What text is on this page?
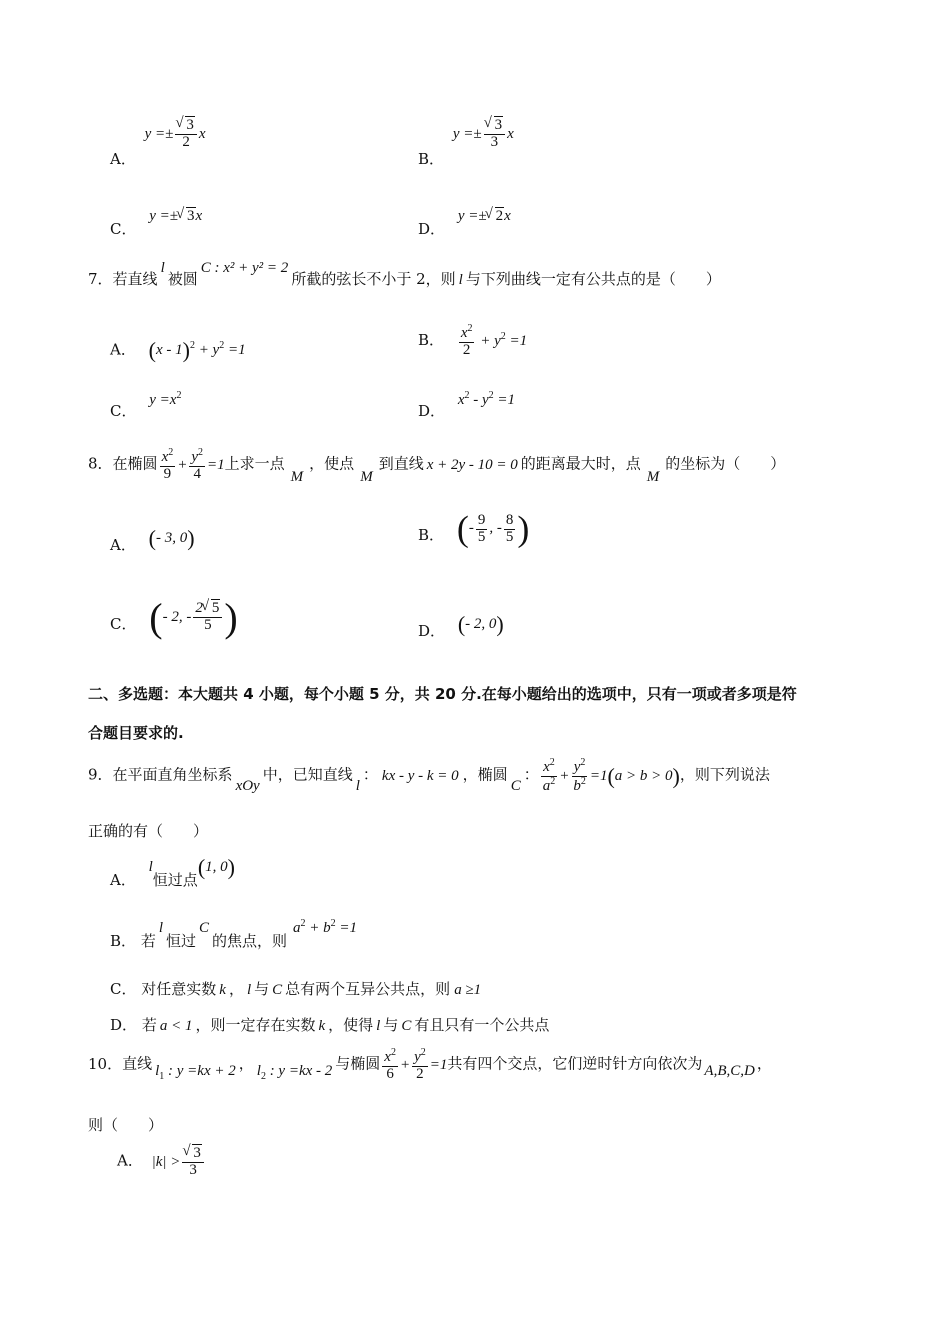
A． y =± √ $\frac{3}{2}$ x
B． y =± √ $\frac{3}{3}$ x
C． y =± √ 3x
D． y =± √ 2x
7．若直线l被圆C : x² + y² = 2所截的弦长不小于 2，则 l 与下列曲线一定有公共点的是（　　）
A． $(x - 1)^2 + y^2 =1$
B． $\frac{x^2}{2} + y^2 =1$
C． $y =x^2$
D． $x^2 - y^2 =1$
8．在椭圆 $\frac{x^2}{9} + \frac{y^2}{4} =1$上求一点M，使点M到直线 x + 2y - 10 = 0 的距离最大时，点M的坐标为（　　）
A． (- 3, 0)	B． (- $\frac{9}{5}$ , - $\frac{8}{5}$ )
C． (- 2, - $\frac{2 √ 5}{5}$ )	D． (- 2, 0)
二、多选题：本大题共 4 小题，每个小题 5 分，共 20 分.在每小题给出的选项中，只有一项或者多项是符
合题目要求的.
9．在平面直角坐标系xOy中，已知直线l： kx - y - k = 0 ，椭圆C： $\frac{x^2}{a^2} + \frac{y^2}{b^2} =1(a > b > 0)$，则下列说法
正确的有（　　）
A． l恒过点(1, 0)
B． 若l恒过C的焦点，则$a^2 + b^2 =1$
C． 对任意实数 k ， l 与 C 总有两个互异公共点，则 a ≥1
D． 若 a < 1 ，则一定存在实数 k ，使得 l 与 C 有且只有一个公共点
10．直线 $l_1$ : y =kx + 2 ， $l_2$ : y =kx - 2 与椭圆 $\frac{x^2}{6} + \frac{y^2}{2} =1$共有四个交点，它们逆时针方向依次为 A,B,C,D ，
则（　　）
A． |k| > √ $\frac{3}{3}$
